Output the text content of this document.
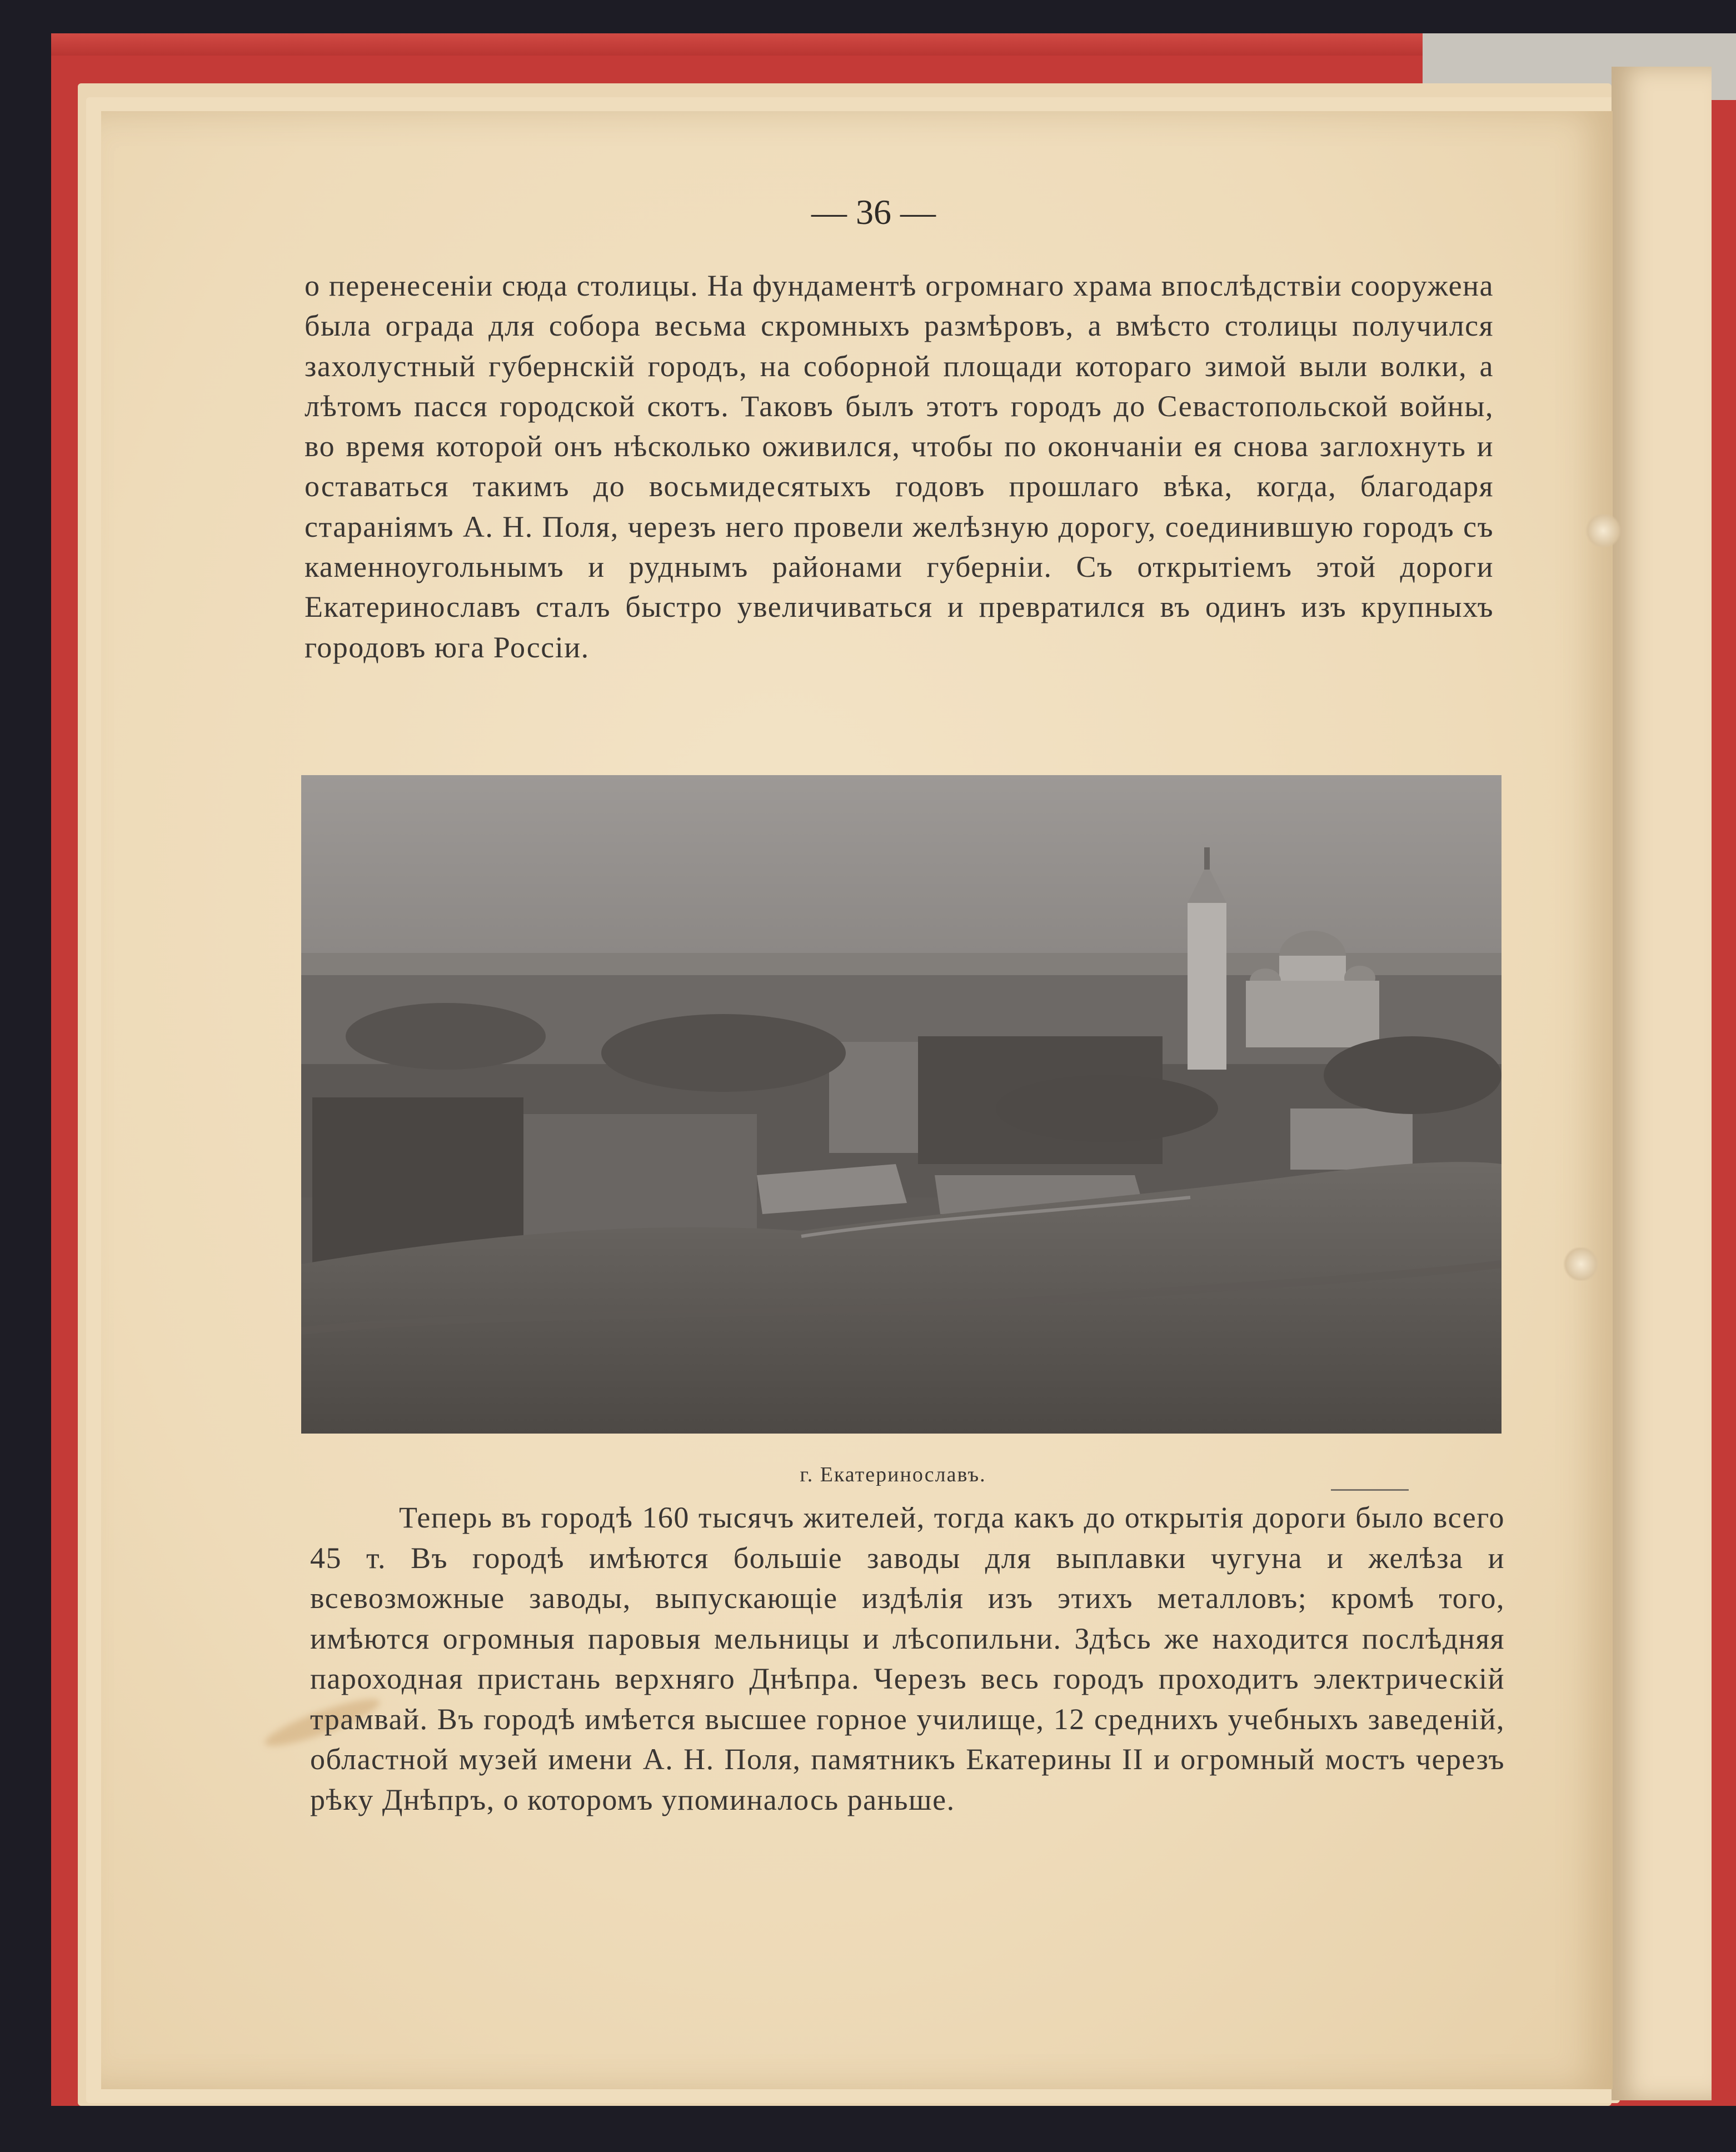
— 36 —

о перенесеніи сюда столицы. На фундаментѣ огромнаго храма впослѣдствіи сооружена была ограда для собора весьма скромныхъ размѣровъ, а вмѣсто столицы получился захолустный губернскій городъ, на соборной площади котораго зимой выли волки, а лѣтомъ пасся городской скотъ. Таковъ былъ этотъ городъ до Севастопольской войны, во время которой онъ нѣсколько оживился, чтобы по окончаніи ея снова заглохнуть и оставаться такимъ до восьмидесятыхъ годовъ прошлаго вѣка, когда, благодаря стараніямъ А. Н. Поля, черезъ него провели желѣзную дорогу, соединившую городъ съ каменноугольнымъ и руднымъ районами губерніи. Съ открытіемъ этой дороги Екатеринославъ сталъ быстро увеличиваться и превратился въ одинъ изъ крупныхъ городовъ юга Россіи.

г. Екатеринославъ.

Теперь въ городѣ 160 тысячъ жителей, тогда какъ до открытія дороги было всего 45 т. Въ городѣ имѣются большіе заводы для выплавки чугуна и желѣза и всевозможные заводы, выпускающіе издѣлія изъ этихъ металловъ; кромѣ того, имѣются огромныя паровыя мельницы и лѣсопильни. Здѣсь же находится послѣдняя пароходная пристань верхняго Днѣпра. Черезъ весь городъ проходитъ электрическій трамвай. Въ городѣ имѣется высшее горное училище, 12 среднихъ учебныхъ заведеній, областной музей имени А. Н. Поля, памятникъ Екатерины II и огромный мостъ черезъ рѣку Днѣпръ, о которомъ упоминалось раньше.
